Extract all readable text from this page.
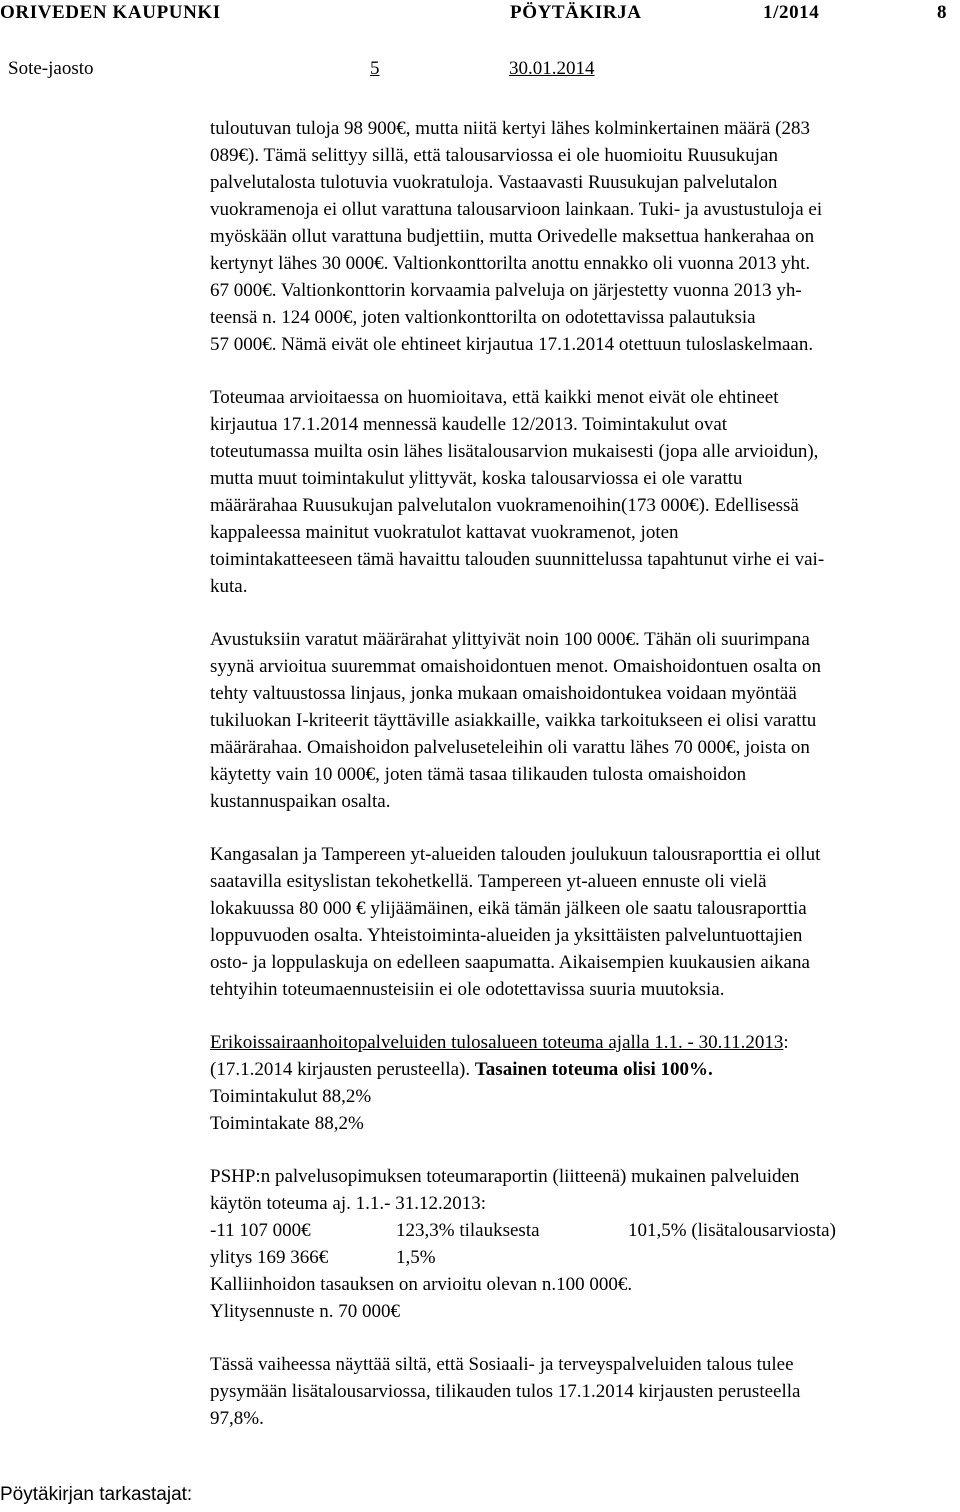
ORIVEDEN KAUPUNKI	PÖYTÄKIRJA	1/2014	8
Sote-jaosto	5	30.01.2014
tuloutuvan tuloja 98 900€, mutta niitä kertyi lähes kolminkertainen määrä (283
089€). Tämä selittyy sillä, että talousarviossa ei ole huomioitu Ruusukujan
palvelutalosta tulotuvia vuokratuloja. Vastaavasti Ruusukujan palvelutalon
vuokramenoja ei ollut varattuna talousarvioon lainkaan. Tuki- ja avustustuloja ei
myöskään ollut varattuna budjettiin, mutta Orivedelle maksettua hankerahaa on
kertynyt lähes 30 000€. Valtionkonttorilta anottu ennakko oli vuonna 2013 yht.
67 000€. Valtionkonttorin korvaamia palveluja on järjestetty vuonna 2013 yh-
teensä n. 124 000€, joten valtionkonttorilta on odotettavissa palautuksia
57 000€. Nämä eivät ole ehtineet kirjautua 17.1.2014 otettuun tuloslaskelmaan.
Toteumaa arvioitaessa on huomioitava, että kaikki menot eivät ole ehtineet
kirjautua 17.1.2014 mennessä kaudelle 12/2013. Toimintakulut ovat
toteutumassa muilta osin lähes lisätalousarvion mukaisesti (jopa alle arvioidun),
mutta muut toimintakulut ylittyvät, koska talousarviossa ei ole varattu
määrärahaa Ruusukujan palvelutalon vuokramenoihin(173 000€). Edellisessä
kappaleessa mainitut vuokratulot kattavat vuokramenot, joten
toimintakatteeseen tämä havaittu talouden suunnittelussa tapahtunut virhe ei vai-
kuta.
Avustuksiin varatut määrärahat ylittyivät noin 100 000€. Tähän oli suurimpana
syynä arvioitua suuremmat omaishoidontuen menot. Omaishoidontuen osalta on
tehty valtuustossa linjaus, jonka mukaan omaishoidontukea voidaan myöntää
tukiluokan I-kriteerit täyttäville asiakkaille, vaikka tarkoitukseen ei olisi varattu
määrärahaa. Omaishoidon palveluseteleihin oli varattu lähes 70 000€, joista on
käytetty vain 10 000€, joten tämä tasaa tilikauden tulosta omaishoidon
kustannuspaikan osalta.
Kangasalan ja Tampereen yt-alueiden talouden joulukuun talousraporttia ei ollut
saatavilla esityslistan tekohetkellä. Tampereen yt-alueen ennuste oli vielä
lokakuussa 80 000 € ylijäämäinen, eikä tämän jälkeen ole saatu talousraporttia
loppuvuoden osalta. Yhteistoiminta-alueiden ja yksittäisten palveluntuottajien
osto- ja loppulaskuja on edelleen saapumatta. Aikaisempien kuukausien aikana
tehtyihin toteumaennusteisiin ei ole odotettavissa suuria muutoksia.
Erikoissairaanhoitopalveluiden tulosalueen toteuma ajalla 1.1. - 30.11.2013:
(17.1.2014 kirjausten perusteella). Tasainen toteuma olisi 100%.
Toimintakulut 88,2%
Toimintakate 88,2%
PSHP:n palvelusopimuksen toteumaraportin (liitteenä) mukainen palveluiden
käytön toteuma aj. 1.1.- 31.12.2013:
-11 107 000€	123,3% tilauksesta	101,5% (lisätalousarviosta)
ylitys 169 366€	1,5%
Kalliinhoidon tasauksen on arvioitu olevan n.100 000€.
Ylitysennuste n. 70 000€
Tässä vaiheessa näyttää siltä, että Sosiaali- ja terveyspalveluiden talous tulee
pysymään lisätalousarviossa, tilikauden tulos 17.1.2014 kirjausten perusteella
97,8%.
Pöytäkirjan tarkastajat:
